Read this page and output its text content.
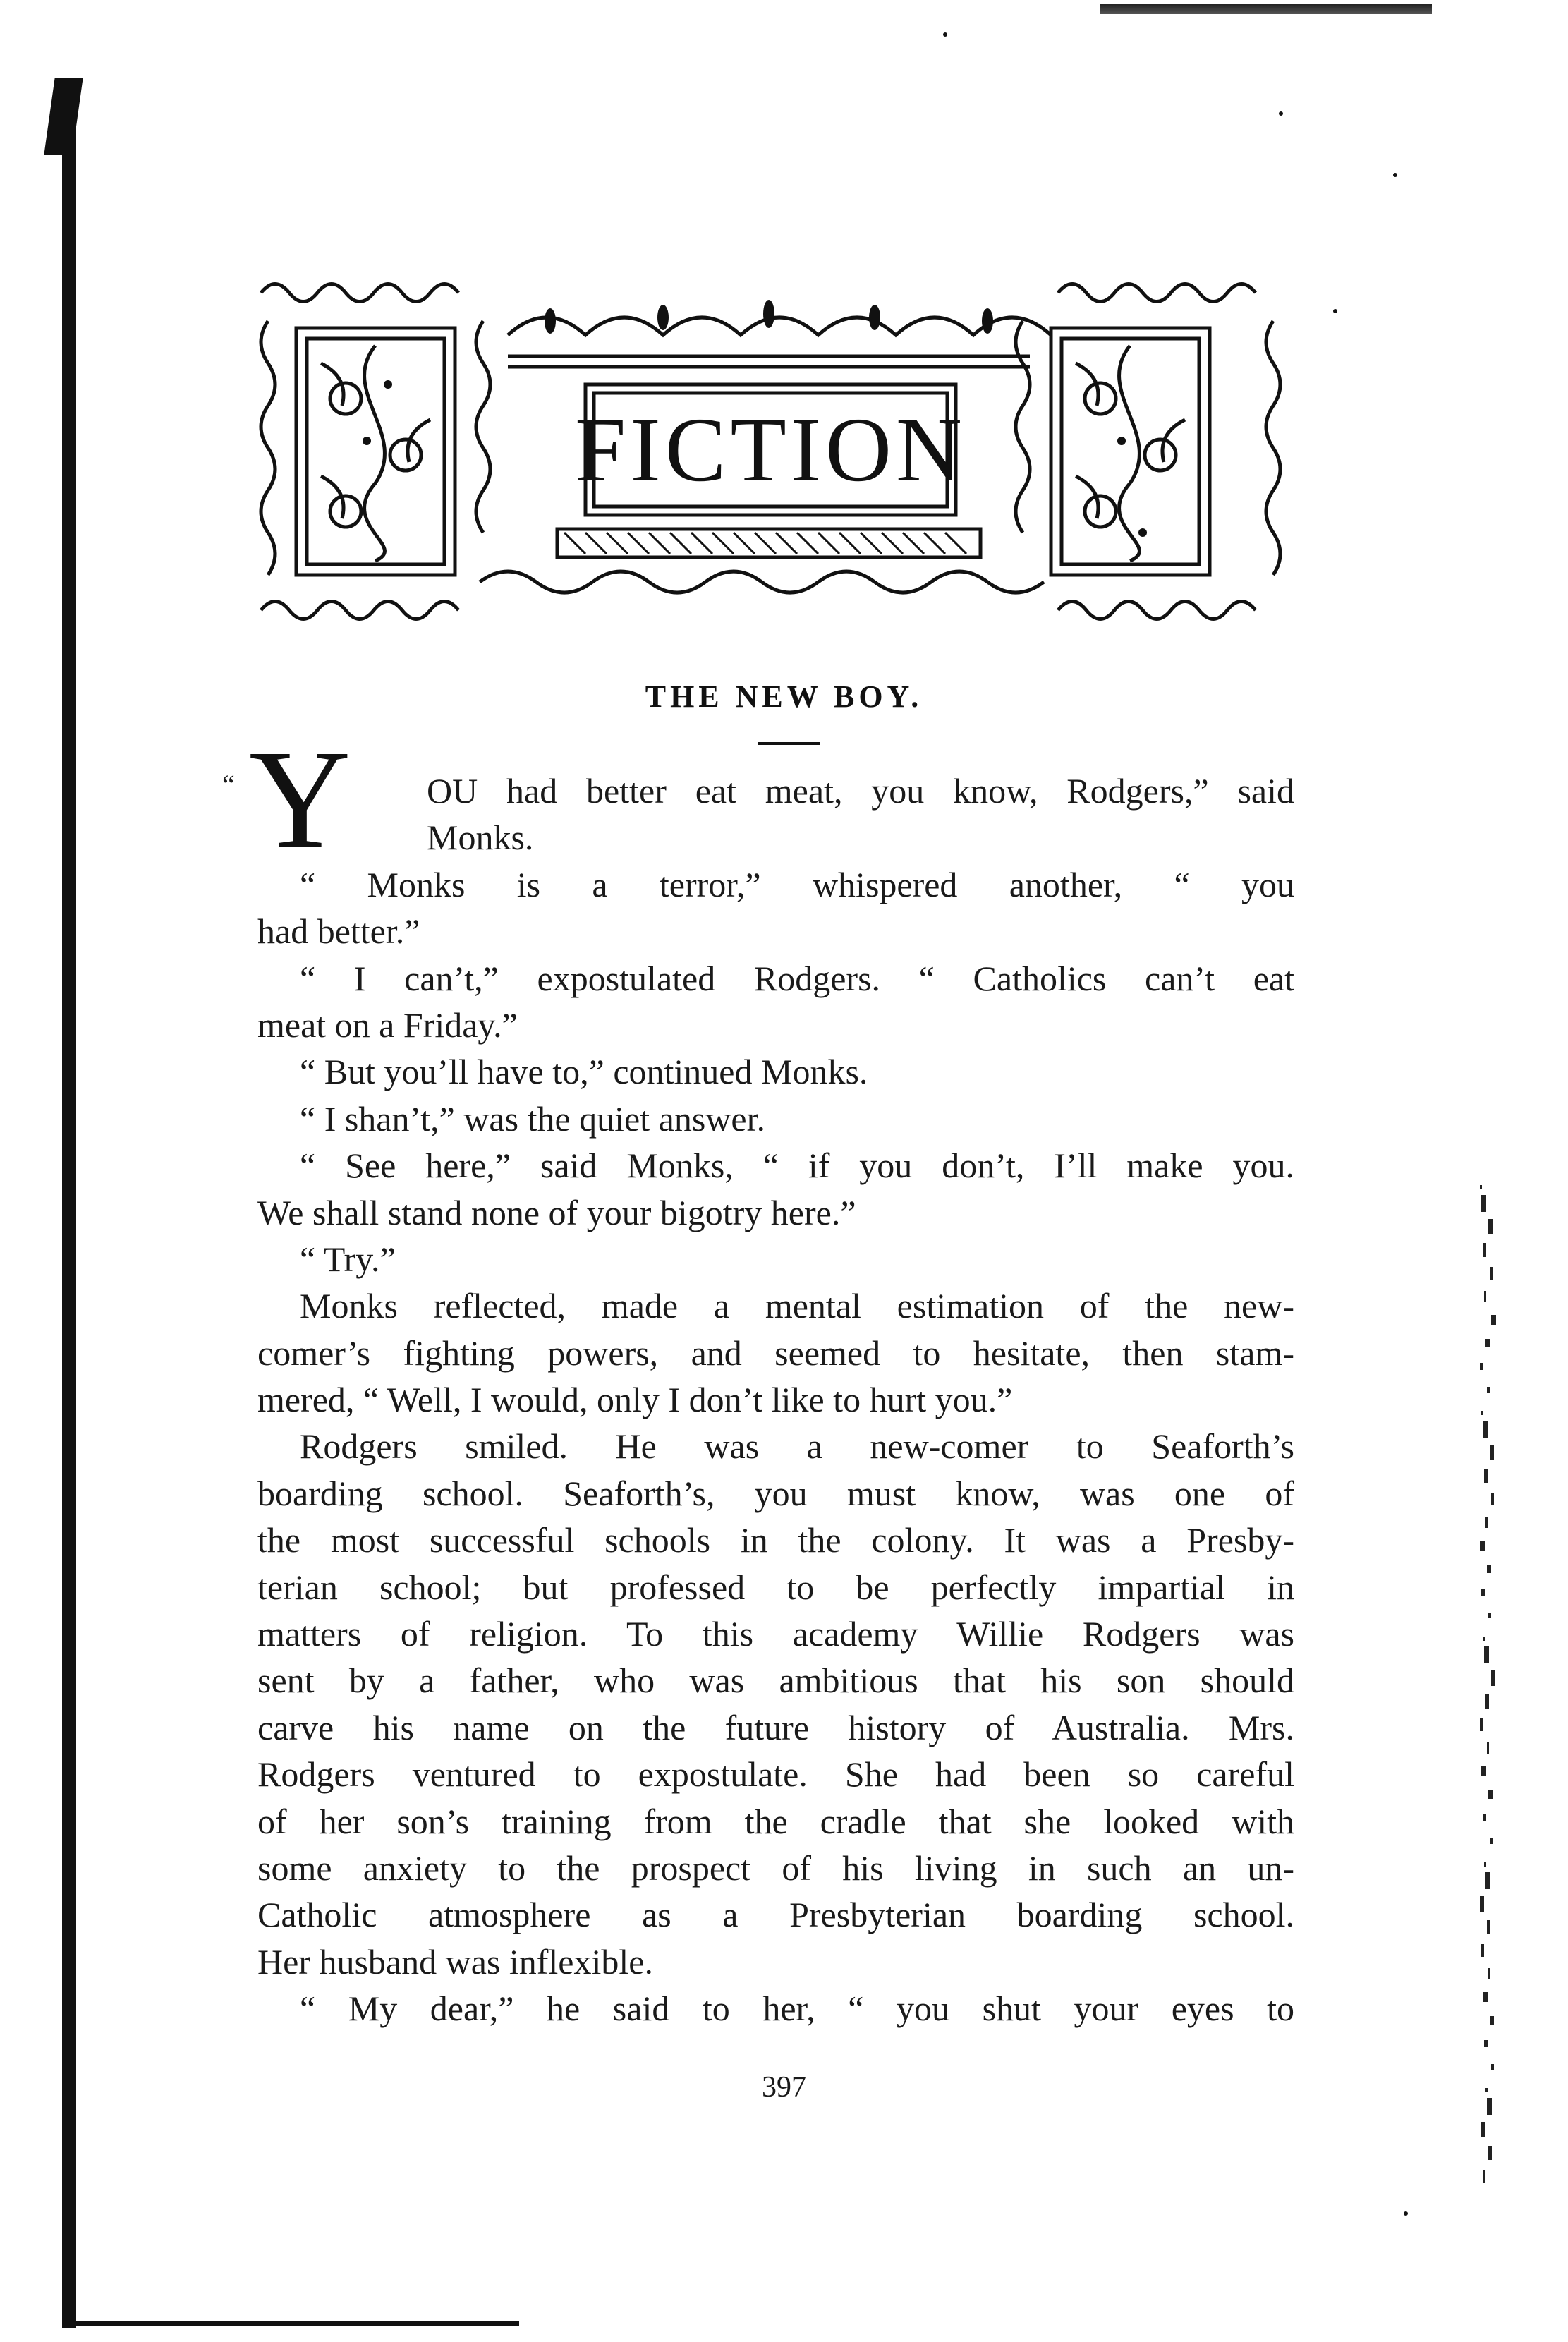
FICTION
THE NEW BOY.
“ Y	OU had better eat meat, you know, Rodgers,” said
Monks.
“ Monks is a terror,” whispered another, “ you
had better.”
“ I can’t,” expostulated Rodgers. “ Catholics can’t eat
meat on a Friday.”
“ But you’ll have to,” continued Monks.
“ I shan’t,” was the quiet answer.
“ See here,” said Monks, “ if you don’t, I’ll make you.
We shall stand none of your bigotry here.”
“ Try.”
Monks reflected, made a mental estimation of the new-
comer’s fighting powers, and seemed to hesitate, then stam-
mered, “ Well, I would, only I don’t like to hurt you.”
Rodgers smiled. He was a new-comer to Seaforth’s
boarding school. Seaforth’s, you must know, was one of
the most successful schools in the colony. It was a Presby-
terian school; but professed to be perfectly impartial in
matters of religion. To this academy Willie Rodgers was
sent by a father, who was ambitious that his son should
carve his name on the future history of Australia. Mrs.
Rodgers ventured to expostulate. She had been so careful
of her son’s training from the cradle that she looked with
some anxiety to the prospect of his living in such an un-
Catholic atmosphere as a Presbyterian boarding school.
Her husband was inflexible.
“ My dear,” he said to her, “ you shut your eyes to
397
